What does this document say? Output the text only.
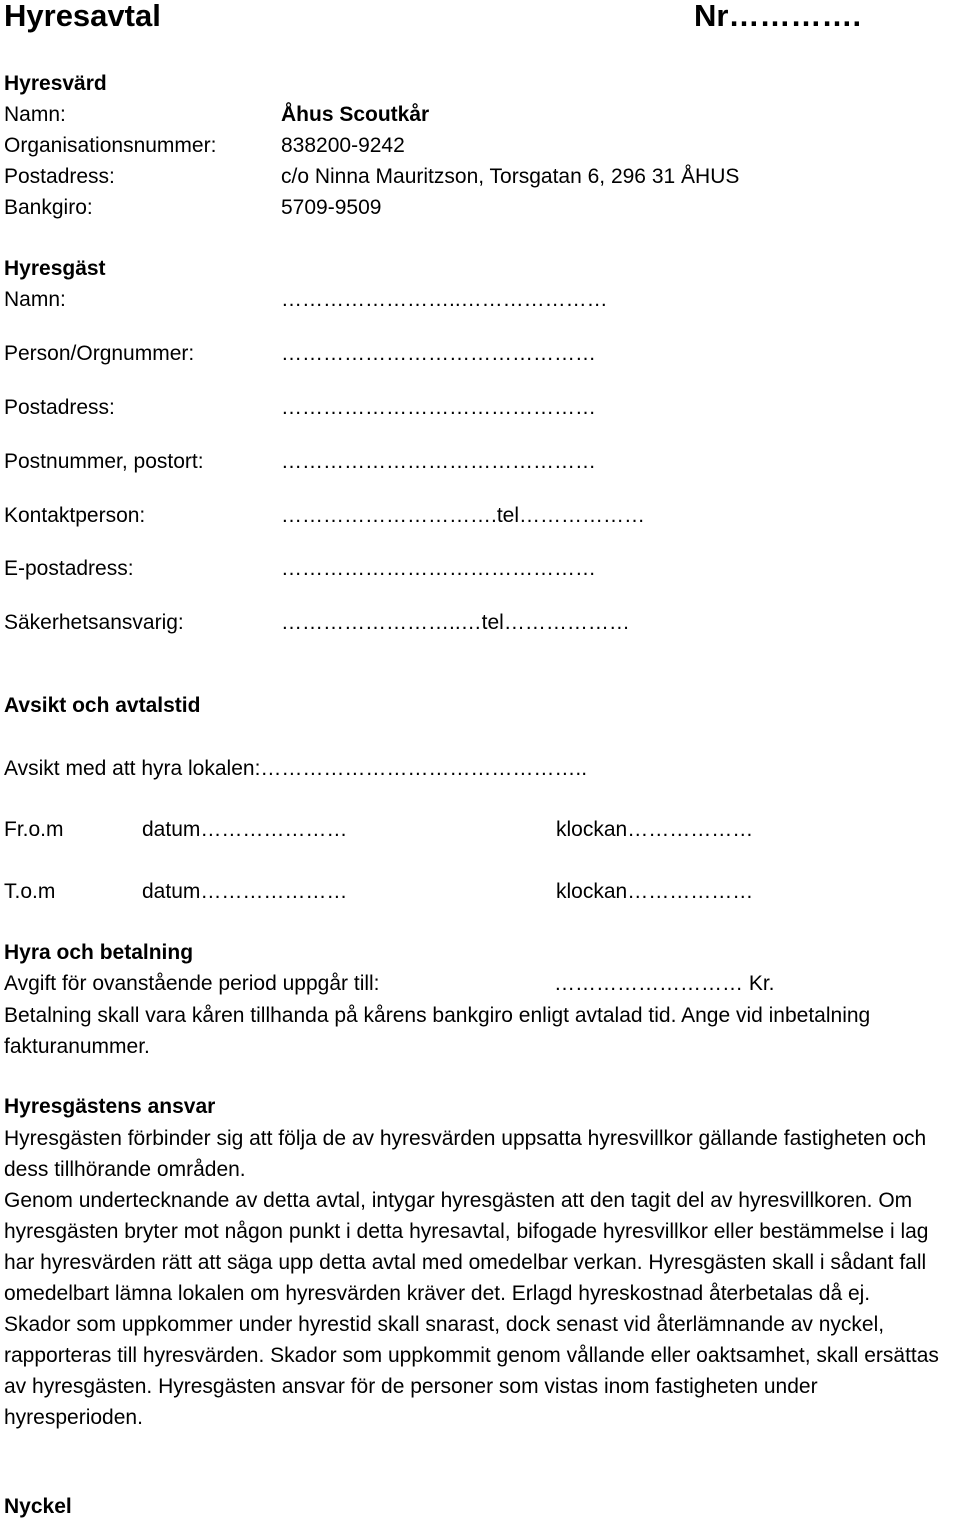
Hyresavtal	Nr………….
Hyresvärd
Namn:	Åhus Scoutkår
Organisationsnummer:	838200-9242
Postadress:	c/o Ninna Mauritzson, Torsgatan 6, 296 31 ÅHUS
Bankgiro:	5709-9509
Hyresgäst
Namn:	……………………..…………………
Person/Orgnummer:	………………………………………
Postadress:	………………………………………
Postnummer, postort:	………………………………………
Kontaktperson:	………………………….tel………………
E-postadress:	………………………………………
Säkerhetsansvarig:	……………………..…tel………………
Avsikt och avtalstid
Avsikt med att hyra lokalen:………………………………………..
Fr.o.m	datum…………………	klockan………………
T.o.m	datum…………………	klockan………………
Hyra och betalning
Avgift för ovanstående period uppgår till:	……………………… Kr.

Betalning skall vara kåren tillhanda på kårens bankgiro enligt avtalad tid. Ange vid inbetalning fakturanummer.

Hyresgästens ansvar

Hyresgästen förbinder sig att följa de av hyresvärden uppsatta hyresvillkor gällande fastigheten och dess tillhörande områden.

Genom undertecknande av detta avtal, intygar hyresgästen att den tagit del av hyresvillkoren. Om hyresgästen bryter mot någon punkt i detta hyresavtal, bifogade hyresvillkor eller bestämmelse i lag har hyresvärden rätt att säga upp detta avtal med omedelbar verkan. Hyresgästen skall i sådant fall omedelbart lämna lokalen om hyresvärden kräver det. Erlagd hyreskostnad återbetalas då ej.

Skador som uppkommer under hyrestid skall snarast, dock senast vid återlämnande av nyckel, rapporteras till hyresvärden. Skador som uppkommit genom vållande eller oaktsamhet, skall ersättas av hyresgästen. Hyresgästen ansvar för de personer som vistas inom fastigheten under hyresperioden.

Nyckel
